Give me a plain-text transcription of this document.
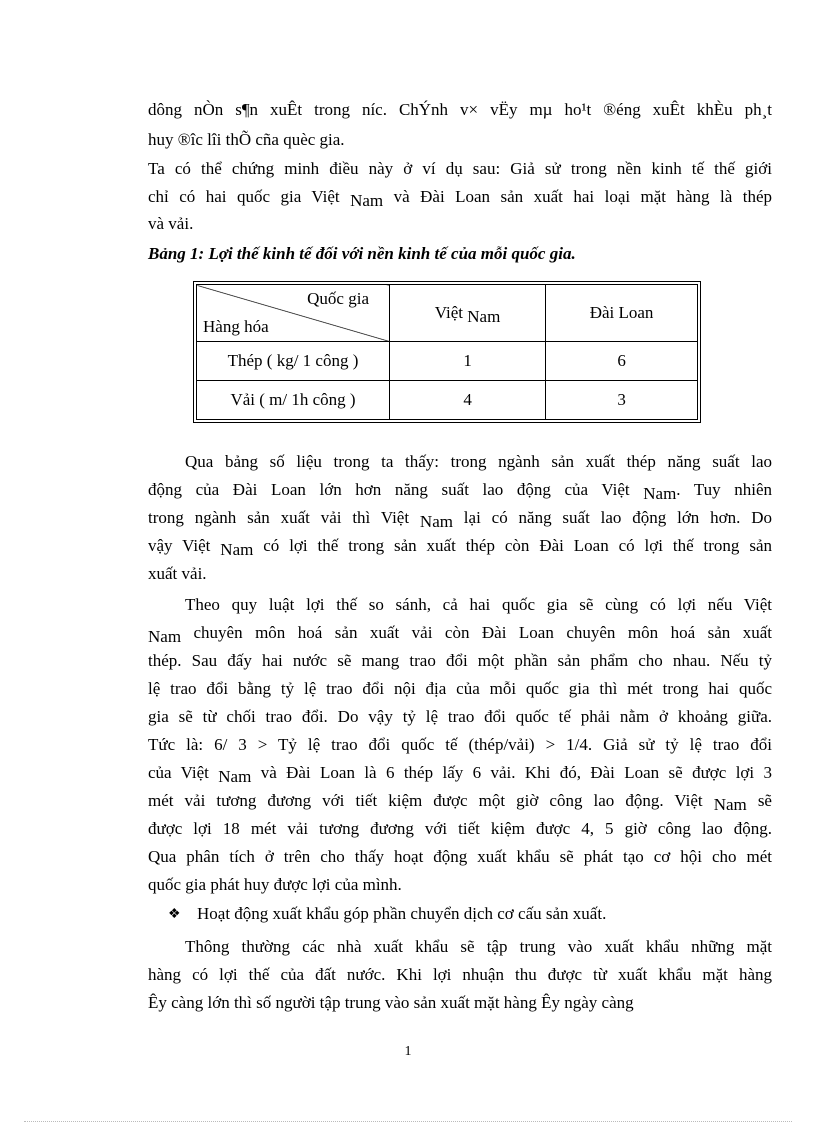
dông nÒn s¶n xuÊt trong níc. ChÝnh v× vËy mµ ho¹t ®éng xuÊt khÈu ph¸t
huy ®îc lîi thÕ cña quèc gia.
Ta có thể chứng minh điều này ở ví dụ sau: Giả sử trong nền kinh tế thế giới
chỉ có hai quốc gia Việt Nam và Đài Loan sản xuất hai loại mặt hàng là thép
và vải.
Bảng 1: Lợi thế kinh tế đối với nền kinh tế của mỗi quốc gia.
Quốc gia
Hàng hóa	Việt Nam	Đài Loan
Thép ( kg/ 1 công )	1	6
Vải ( m/ 1h công )	4	3
Qua bảng số liệu trong ta thấy: trong ngành sản xuất thép năng suất lao
động của Đài Loan lớn hơn năng suất lao động của Việt Nam. Tuy nhiên
trong ngành sản xuất vải thì Việt Nam lại có năng suất lao động lớn hơn. Do
vậy Việt Nam có lợi thế trong sản xuất thép còn Đài Loan có lợi thế trong sản
xuất vải.
Theo quy luật lợi thế so sánh, cả hai quốc gia sẽ cùng có lợi nếu Việt
Nam chuyên môn hoá sản xuất vải còn Đài Loan chuyên môn hoá sản xuất
thép. Sau đấy hai nước sẽ mang trao đổi một phần sản phẩm cho nhau. Nếu tỷ
lệ trao đổi bằng tỷ lệ trao đổi nội địa của mỗi quốc gia thì mét trong hai quốc
gia sẽ từ chối trao đổi. Do vậy tỷ lệ trao đổi quốc tế phải nằm ở khoảng giữa.
Tức là: 6/ 3 > Tỷ lệ trao đổi quốc tế (thép/vải) > 1/4. Giả sử tỷ lệ trao đổi
của Việt Nam và Đài Loan là 6 thép lấy 6 vải. Khi đó, Đài Loan sẽ được lợi 3
mét vải tương đương với tiết kiệm được một giờ công lao động. Việt Nam sẽ
được lợi 18 mét vải tương đương với tiết kiệm được 4, 5 giờ công lao động.
Qua phân tích ở trên cho thấy hoạt động xuất khẩu sẽ phát tạo cơ hội cho mét
quốc gia phát huy được lợi của mình.
❖ Hoạt động xuất khẩu góp phần chuyển dịch cơ cấu sản xuất.
Thông thường các nhà xuất khẩu sẽ tập trung vào xuất khẩu những mặt
hàng có lợi thế của đất nước. Khi lợi nhuận thu được từ xuất khẩu mặt hàng
Êy càng lớn thì số người tập trung vào sản xuất mặt hàng Êy ngày càng
1
